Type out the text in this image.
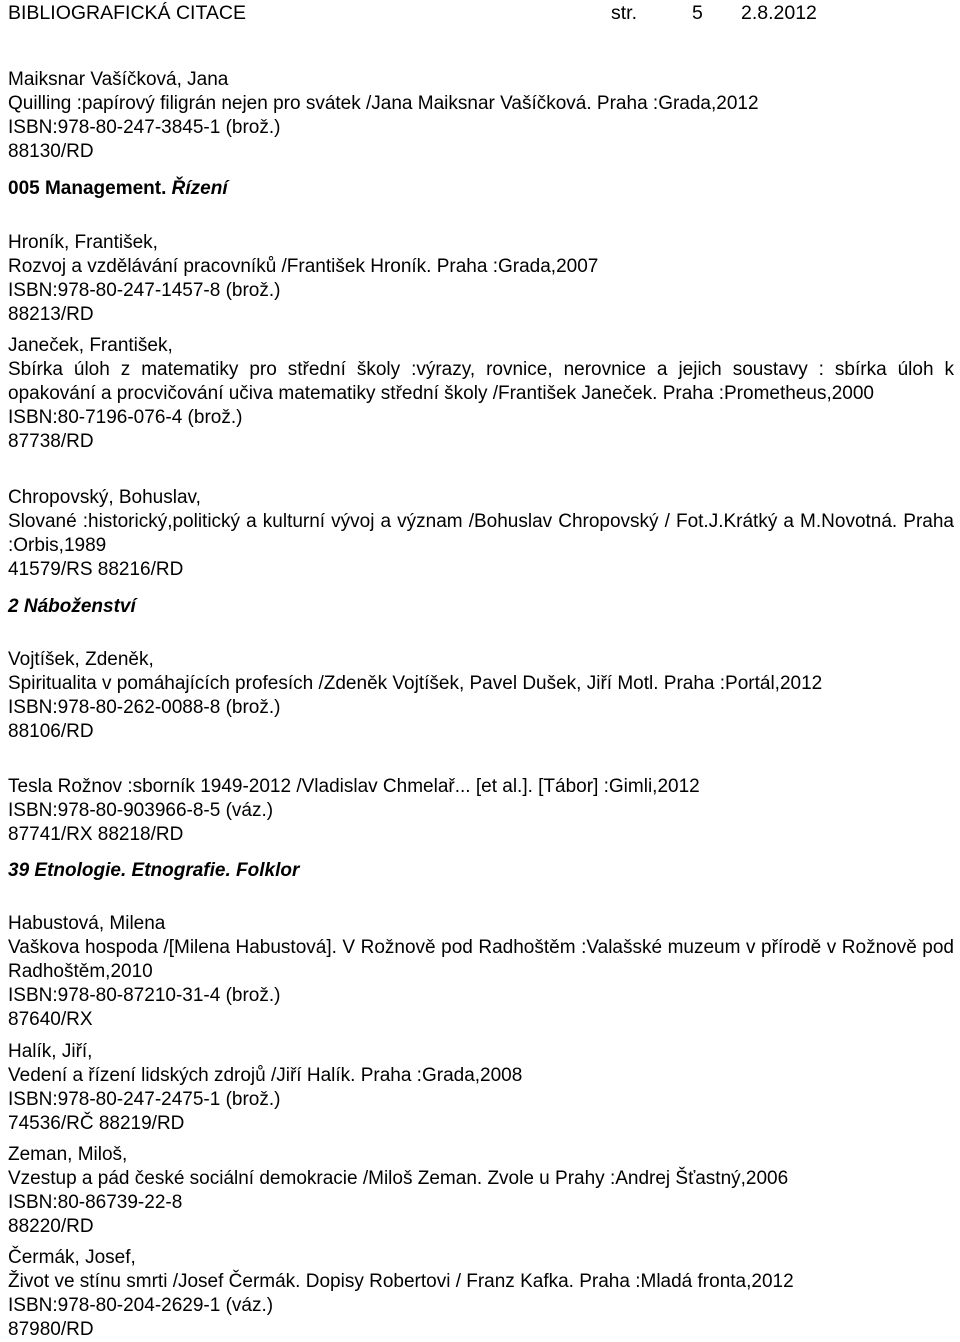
BIBLIOGRAFICKÁ CITACE	str.	5 2.8.2012
Maiksnar Vašíčková, Jana
Quilling :papírový filigrán nejen pro svátek /Jana Maiksnar Vašíčková. Praha :Grada,2012
ISBN:978-80-247-3845-1 (brož.)
88130/RD
005 Management. Řízení
Hroník, František,
Rozvoj a vzdělávání pracovníků /František Hroník. Praha :Grada,2007
ISBN:978-80-247-1457-8 (brož.)
88213/RD
Janeček, František,
Sbírka úloh z matematiky pro střední školy :výrazy, rovnice, nerovnice a jejich soustavy : sbírka úloh k opakování a procvičování učiva matematiky střední školy /František Janeček. Praha :Prometheus,2000
ISBN:80-7196-076-4 (brož.)
87738/RD
Chropovský, Bohuslav,
Slované :historický,politický a kulturní vývoj a význam /Bohuslav Chropovský / Fot.J.Krátký a M.Novotná. Praha :Orbis,1989
41579/RS 88216/RD
2 Náboženství
Vojtíšek, Zdeněk,
Spiritualita v pomáhajících profesích /Zdeněk Vojtíšek, Pavel Dušek, Jiří Motl. Praha :Portál,2012
ISBN:978-80-262-0088-8 (brož.)
88106/RD
Tesla Rožnov :sborník 1949-2012 /Vladislav Chmelař... [et al.]. [Tábor] :Gimli,2012
ISBN:978-80-903966-8-5 (váz.)
87741/RX 88218/RD
39 Etnologie. Etnografie. Folklor
Habustová, Milena
Vaškova hospoda /[Milena Habustová]. V Rožnově pod Radhoštěm :Valašské muzeum v přírodě v Rožnově pod Radhoštěm,2010
ISBN:978-80-87210-31-4 (brož.)
87640/RX
Halík, Jiří,
Vedení a řízení lidských zdrojů /Jiří Halík. Praha :Grada,2008
ISBN:978-80-247-2475-1 (brož.)
74536/RČ 88219/RD
Zeman, Miloš,
Vzestup a pád české sociální demokracie /Miloš Zeman. Zvole u Prahy :Andrej Šťastný,2006
ISBN:80-86739-22-8
88220/RD
Čermák, Josef,
Život ve stínu smrti /Josef Čermák. Dopisy Robertovi / Franz Kafka. Praha :Mladá fronta,2012
ISBN:978-80-204-2629-1 (váz.)
87980/RD
